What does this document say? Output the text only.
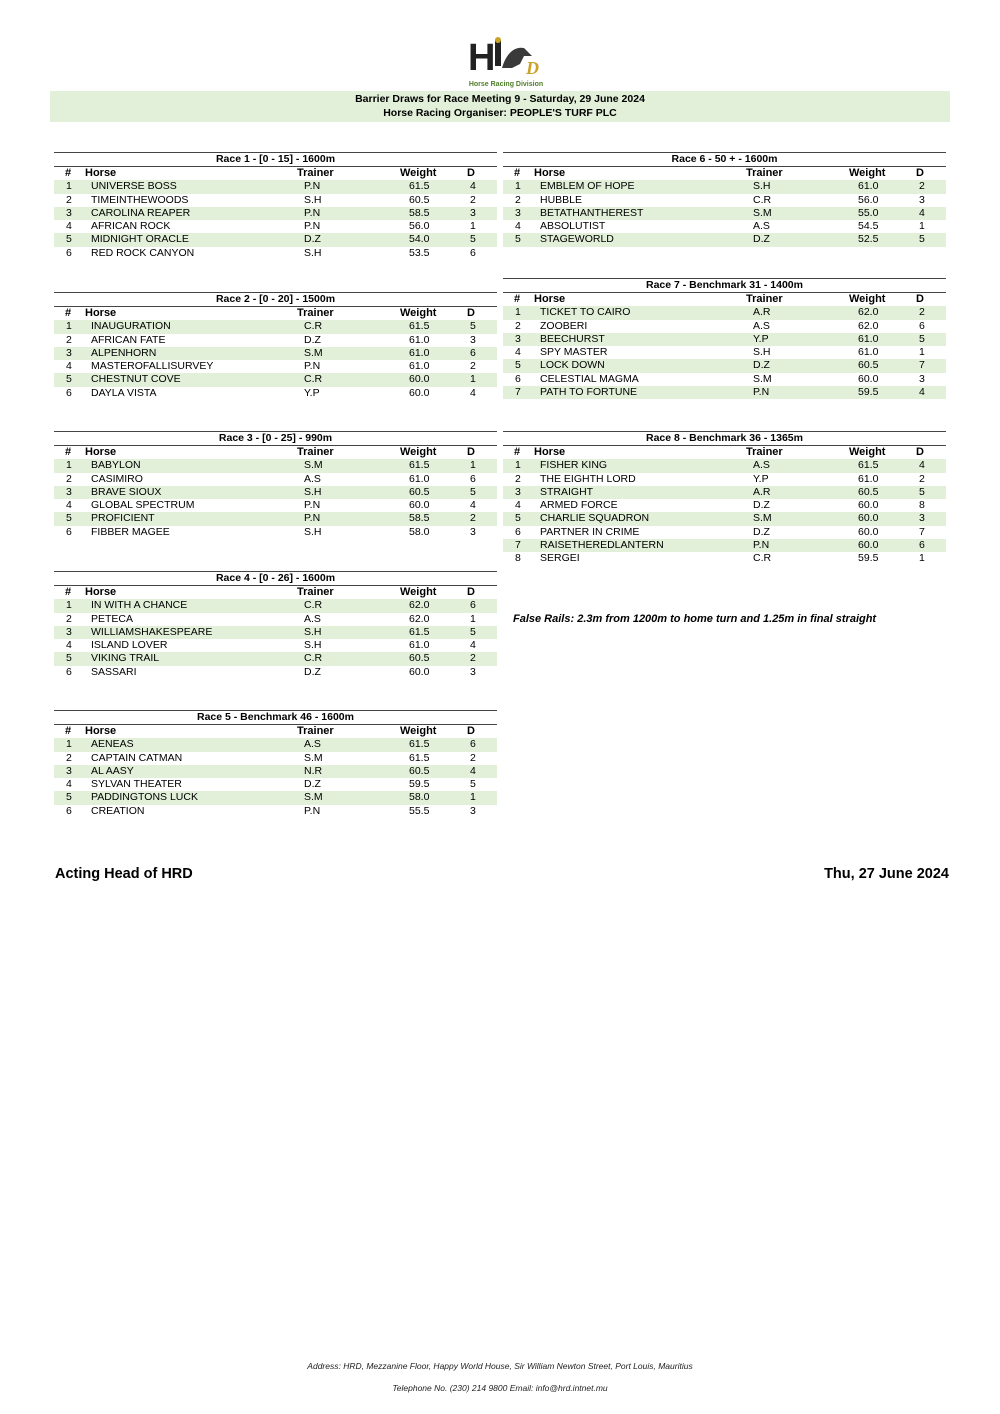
H D
Horse Racing Division
Barrier Draws for Race Meeting 9 - Saturday, 29 June 2024
Horse Racing Organiser: PEOPLE'S TURF PLC
Race 1 - [0 - 15] - 1600m
# Horse	Trainer	Weight	D
1 UNIVERSE BOSS	P.N	61.5	4
2 TIMEINTHEWOODS	S.H	60.5	2
3 CAROLINA REAPER	P.N	58.5	3
4 AFRICAN ROCK	P.N	56.0	1
5 MIDNIGHT ORACLE	D.Z	54.0	5
6 RED ROCK CANYON	S.H	53.5	6
Race 2 - [0 - 20] - 1500m
# Horse	Trainer	Weight	D
1 INAUGURATION	C.R	61.5	5
2 AFRICAN FATE	D.Z	61.0	3
3 ALPENHORN	S.M	61.0	6
4 MASTEROFALLISURVEY	P.N	61.0	2
5 CHESTNUT COVE	C.R	60.0	1
6 DAYLA VISTA	Y.P	60.0	4
Race 3 - [0 - 25] - 990m
# Horse	Trainer	Weight	D
1 BABYLON	S.M	61.5	1
2 CASIMIRO	A.S	61.0	6
3 BRAVE SIOUX	S.H	60.5	5
4 GLOBAL SPECTRUM	P.N	60.0	4
5 PROFICIENT	P.N	58.5	2
6 FIBBER MAGEE	S.H	58.0	3
Race 4 - [0 - 26] - 1600m
# Horse	Trainer	Weight	D
1 IN WITH A CHANCE	C.R	62.0	6
2 PETECA	A.S	62.0	1
3 WILLIAMSHAKESPEARE	S.H	61.5	5
4 ISLAND LOVER	S.H	61.0	4
5 VIKING TRAIL	C.R	60.5	2
6 SASSARI	D.Z	60.0	3
Race 5 - Benchmark 46 - 1600m
# Horse	Trainer	Weight	D
1 AENEAS	A.S	61.5	6
2 CAPTAIN CATMAN	S.M	61.5	2
3 AL AASY	N.R	60.5	4
4 SYLVAN THEATER	D.Z	59.5	5
5 PADDINGTONS LUCK	S.M	58.0	1
6 CREATION	P.N	55.5	3
Race 6 - 50 + - 1600m
# Horse	Trainer	Weight	D
1 EMBLEM OF HOPE	S.H	61.0	2
2 HUBBLE	C.R	56.0	3
3 BETATHANTHEREST	S.M	55.0	4
4 ABSOLUTIST	A.S	54.5	1
5 STAGEWORLD	D.Z	52.5	5
Race 7 - Benchmark 31 - 1400m
# Horse	Trainer	Weight	D
1 TICKET TO CAIRO	A.R	62.0	2
2 ZOOBERI	A.S	62.0	6
3 BEECHURST	Y.P	61.0	5
4 SPY MASTER	S.H	61.0	1
5 LOCK DOWN	D.Z	60.5	7
6 CELESTIAL MAGMA	S.M	60.0	3
7 PATH TO FORTUNE	P.N	59.5	4
Race 8 - Benchmark 36 - 1365m
# Horse	Trainer	Weight	D
1 FISHER KING	A.S	61.5	4
2 THE EIGHTH LORD	Y.P	61.0	2
3 STRAIGHT	A.R	60.5	5
4 ARMED FORCE	D.Z	60.0	8
5 CHARLIE SQUADRON	S.M	60.0	3
6 PARTNER IN CRIME	D.Z	60.0	7
7 RAISETHEREDLANTERN	P.N	60.0	6
8 SERGEI	C.R	59.5	1
False Rails: 2.3m from 1200m to home turn and 1.25m in final straight
Acting Head of HRD	Thu, 27 June 2024
Address: HRD, Mezzanine Floor, Happy World House, Sir William Newton Street, Port Louis, Mauritius
Telephone No. (230) 214 9800 Email: info@hrd.intnet.mu
